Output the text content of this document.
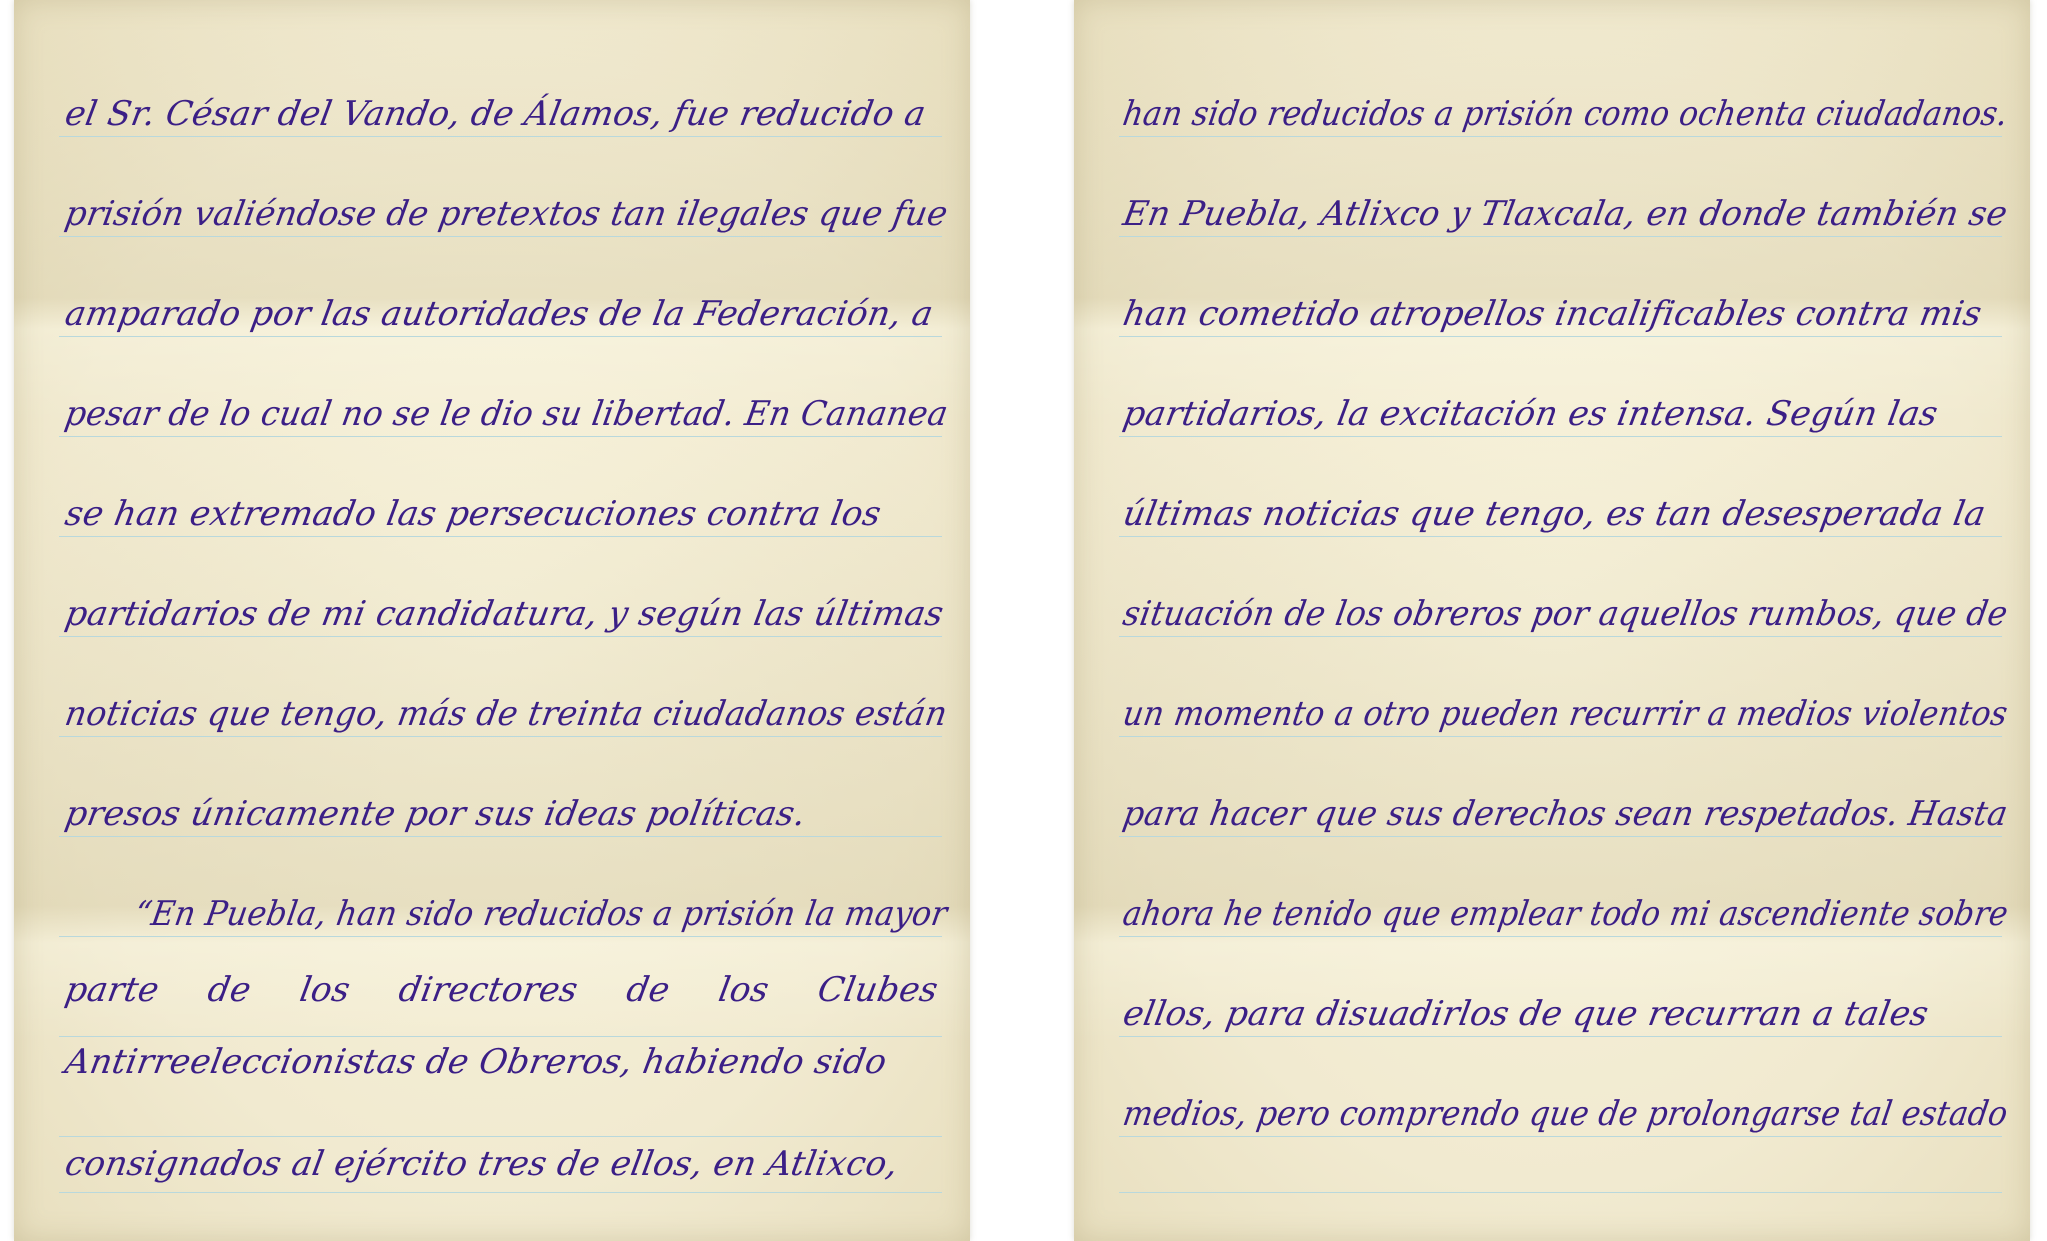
el Sr. César del Vando, de Álamos, fue reducido a

prisión valiéndose de pretextos tan ilegales que fue

amparado por las autoridades de la Federación, a

pesar de lo cual no se le dio su libertad. En Cananea

se han extremado las persecuciones contra los

partidarios de mi candidatura, y según las últimas

noticias que tengo, más de treinta ciudadanos están

presos únicamente por sus ideas políticas.

“En Puebla, han sido reducidos a prisión la mayor

parte de los directores de los Clubes

Antirreeleccionistas de Obreros, habiendo sido

consignados al ejército tres de ellos, en Atlixco,

han sido reducidos a prisión como ochenta ciudadanos.

En Puebla, Atlixco y Tlaxcala, en donde también se

han cometido atropellos incalificables contra mis

partidarios, la excitación es intensa. Según las

últimas noticias que tengo, es tan desesperada la

situación de los obreros por aquellos rumbos, que de

un momento a otro pueden recurrir a medios violentos

para hacer que sus derechos sean respetados. Hasta

ahora he tenido que emplear todo mi ascendiente sobre

ellos, para disuadirlos de que recurran a tales

medios, pero comprendo que de prolongarse tal estado
